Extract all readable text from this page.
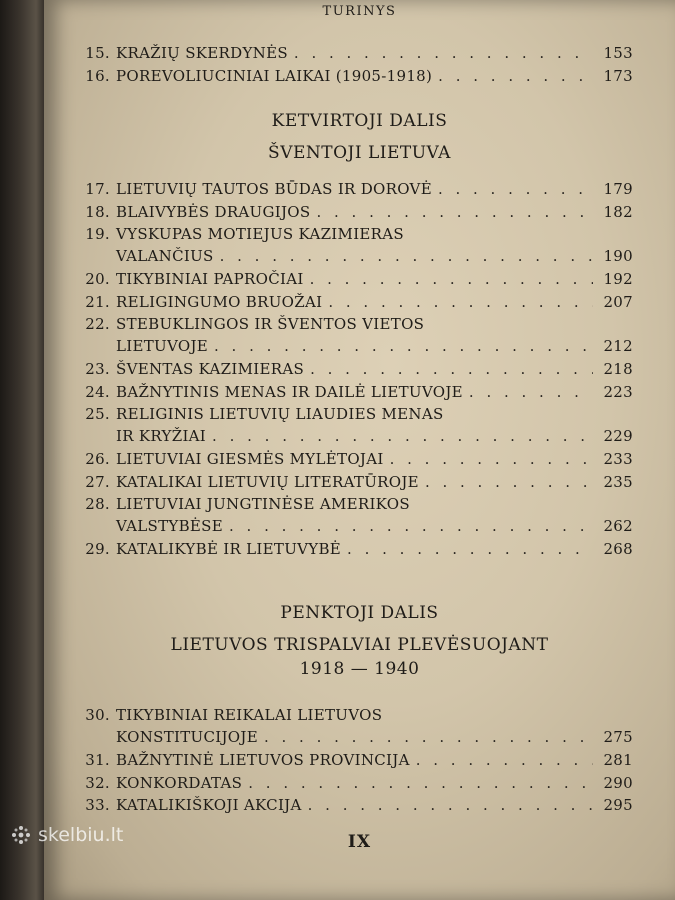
TURINYS
15. KRAŽIŲ SKERDYNĖS . . .	153
16. POREVOLIUCINIAI LAIKAI (1905-1918) . . .	173
KETVIRTOJI DALIS
ŠVENTOJI LIETUVA
17. LIETUVIŲ TAUTOS BŪDAS IR DOROVĖ . . .	179
18. BLAIVYBĖS DRAUGIJOS . . .	182
19. VYSKUPAS MOTIEJUS KAZIMIERAS
VALANČIUS . . .	190
20. TIKYBINIAI PAPROČIAI . . .	192
21. RELIGINGUMO BRUOŽAI . . .	207
22. STEBUKLINGOS IR ŠVENTOS VIETOS
LIETUVOJE . . .	212
23. ŠVENTAS KAZIMIERAS . . .	218
24. BAŽNYTINIS MENAS IR DAILĖ LIETUVOJE . . .	223
25. RELIGINIS LIETUVIŲ LIAUDIES MENAS
IR KRYŽIAI . . .	229
26. LIETUVIAI GIESMĖS MYLĖTOJAI . . .	233
27. KATALIKAI LIETUVIŲ LITERATŪROJE . . .	235
28. LIETUVIAI JUNGTINĖSE AMERIKOS
VALSTYBĖSE . . .	262
29. KATALIKYBĖ IR LIETUVYBĖ . . .	268
PENKTOJI DALIS
LIETUVOS TRISPALVIAI PLEVĖSUOJANT
1918 — 1940
30. TIKYBINIAI REIKALAI LIETUVOS
KONSTITUCIJOJE . . .	275
31. BAŽNYTINĖ LIETUVOS PROVINCIJA . . .	281
32. KONKORDATAS . . .	290
33. KATALIKIŠKOJI AKCIJA . . .	295
IX
skelbiu.lt
